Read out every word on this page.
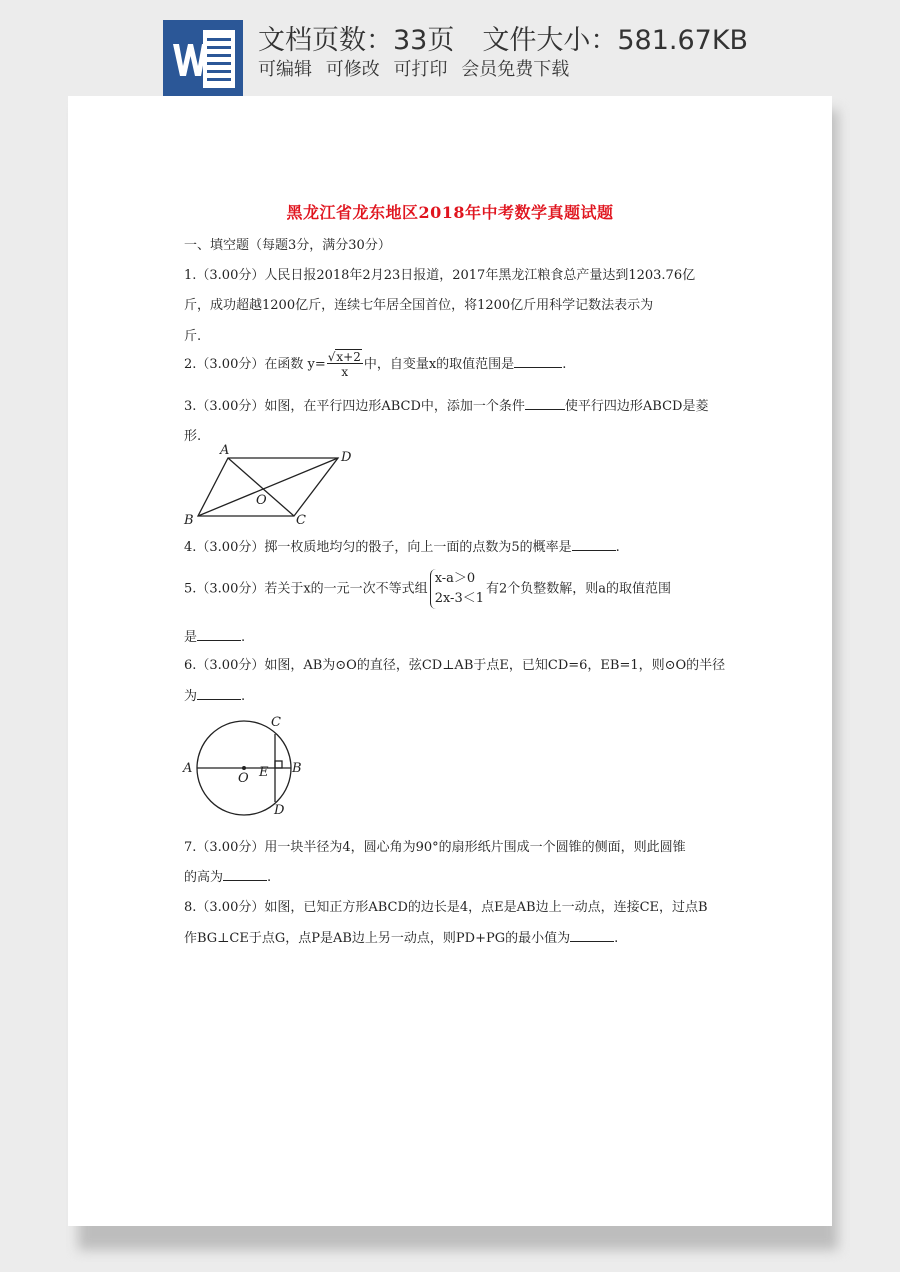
文档页数：33页 文件大小：581.67KB
可编辑 可修改 可打印 会员免费下载
黑龙江省龙东地区2018年中考数学真题试题
一、填空题（每题3分，满分30分）
1.（3.00分）人民日报2018年2月23日报道，2017年黑龙江粮食总产量达到1203.76亿
斤，成功超越1200亿斤，连续七年居全国首位，将1200亿斤用科学记数法表示为
斤.
2.（3.00分）在函数 $y= \frac{√x+2}{x}$ 中，自变量x的取值范围是	.
3.（3.00分）如图，在平行四边形ABCD中，添加一个条件	使平行四边形ABCD是菱
形.
A	D
B	C
O
4.（3.00分）掷一枚质地均匀的骰子，向上一面的点数为5的概率是	.
5.（3.00分）若关于x的一元一次不等式组
x-a＞0
2x-3＜1
有2个负整数解，则a的取值范围
是	.
6.（3.00分）如图，AB为⊙O的直径，弦CD⊥AB于点E，已知CD=6，EB=1，则⊙O的半径
为	.
A	B
C
D
E
O
7.（3.00分）用一块半径为4，圆心角为90°的扇形纸片围成一个圆锥的侧面，则此圆锥
的高为	.
8.（3.00分）如图，已知正方形ABCD的边长是4，点E是AB边上一动点，连接CE，过点B
作BG⊥CE于点G，点P是AB边上另一动点，则PD+PG的最小值为	.
